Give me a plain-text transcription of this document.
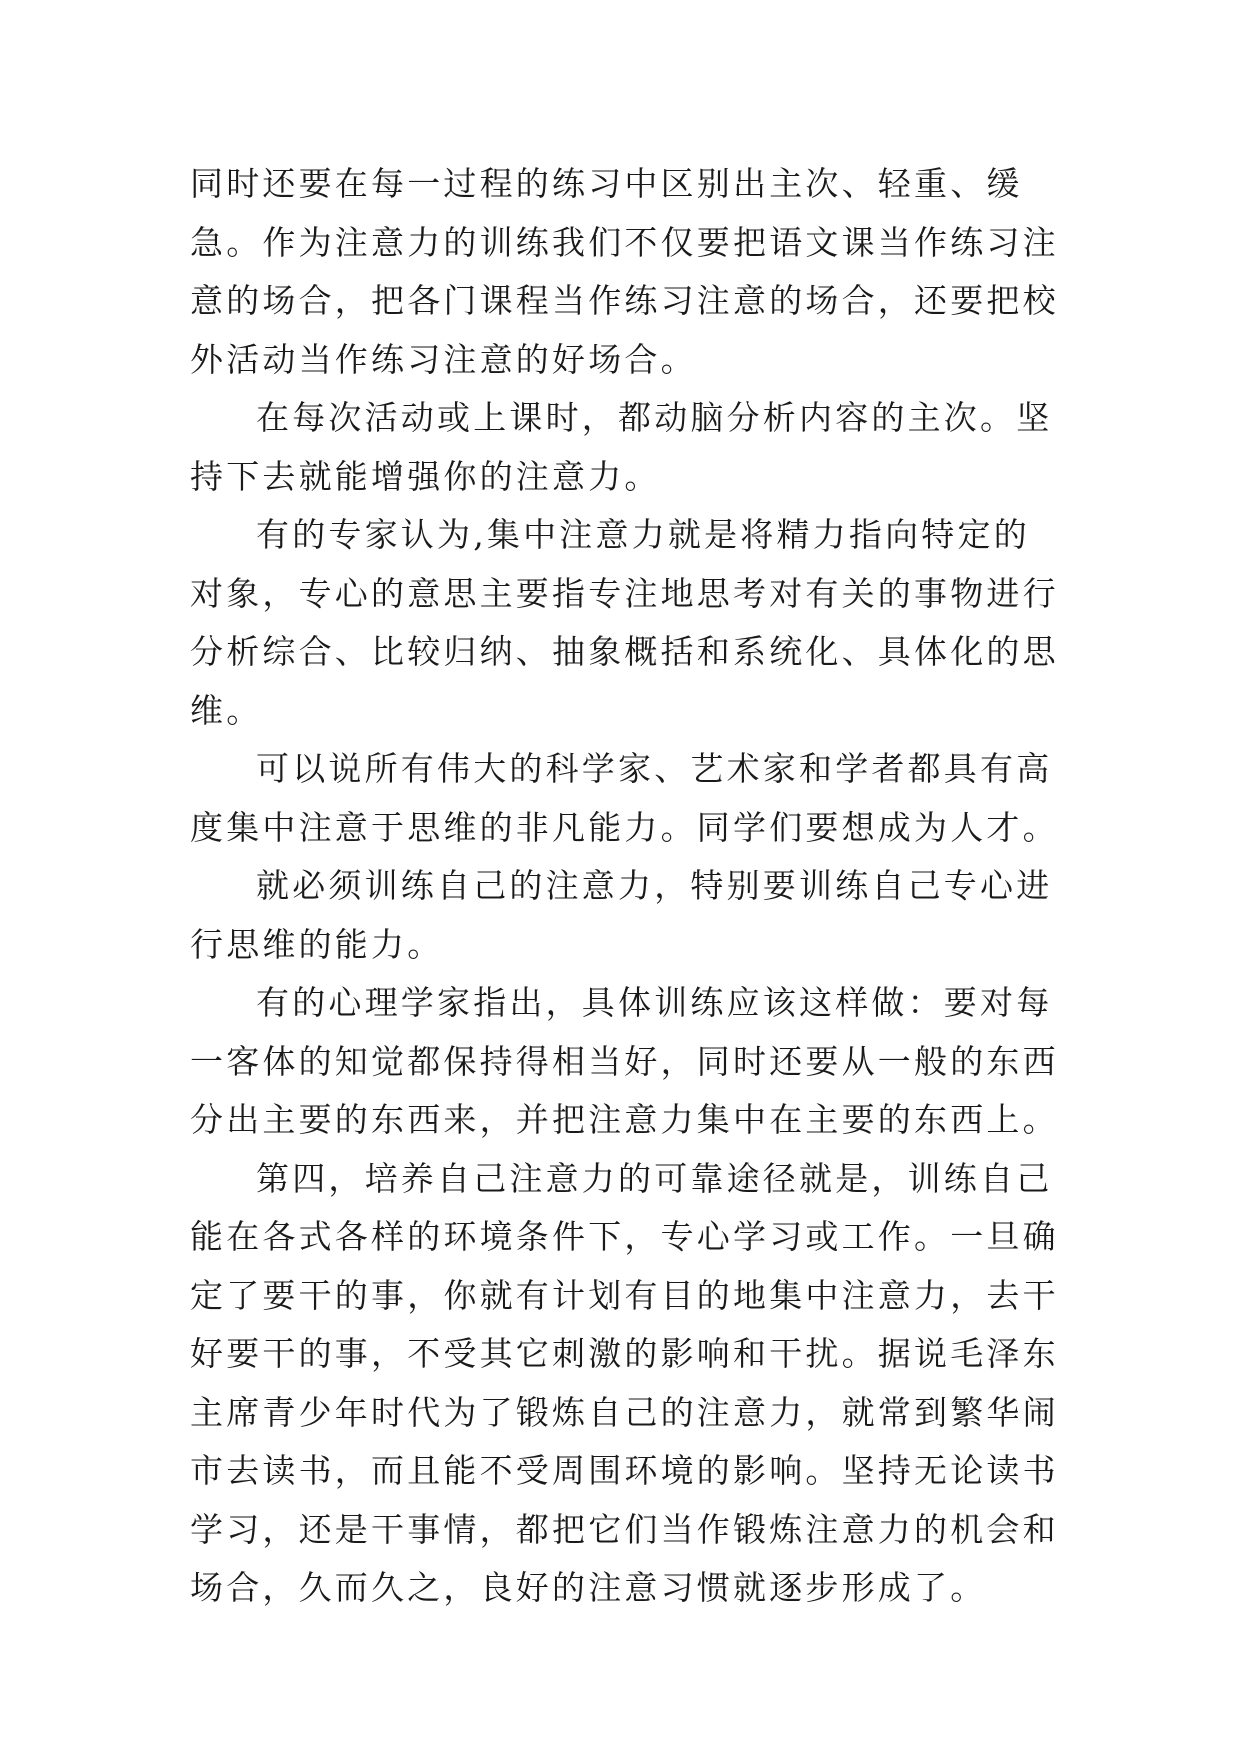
同时还要在每一过程的练习中区别出主次、轻重、缓急。作为注意力的训练我们不仅要把语文课当作练习注意的场合，把各门课程当作练习注意的场合，还要把校外活动当作练习注意的好场合。

在每次活动或上课时，都动脑分析内容的主次。坚持下去就能增强你的注意力。

有的专家认为,集中注意力就是将精力指向特定的对象，专心的意思主要指专注地思考对有关的事物进行分析综合、比较归纳、抽象概括和系统化、具体化的思维。

可以说所有伟大的科学家、艺术家和学者都具有高度集中注意于思维的非凡能力。同学们要想成为人才。

就必须训练自己的注意力，特别要训练自己专心进行思维的能力。

有的心理学家指出，具体训练应该这样做：要对每一客体的知觉都保持得相当好，同时还要从一般的东西分出主要的东西来，并把注意力集中在主要的东西上。

第四，培养自己注意力的可靠途径就是，训练自己能在各式各样的环境条件下，专心学习或工作。一旦确定了要干的事，你就有计划有目的地集中注意力，去干好要干的事，不受其它刺激的影响和干扰。据说毛泽东主席青少年时代为了锻炼自己的注意力，就常到繁华闹市去读书，而且能不受周围环境的影响。坚持无论读书学习，还是干事情，都把它们当作锻炼注意力的机会和场合，久而久之，良好的注意习惯就逐步形成了。
